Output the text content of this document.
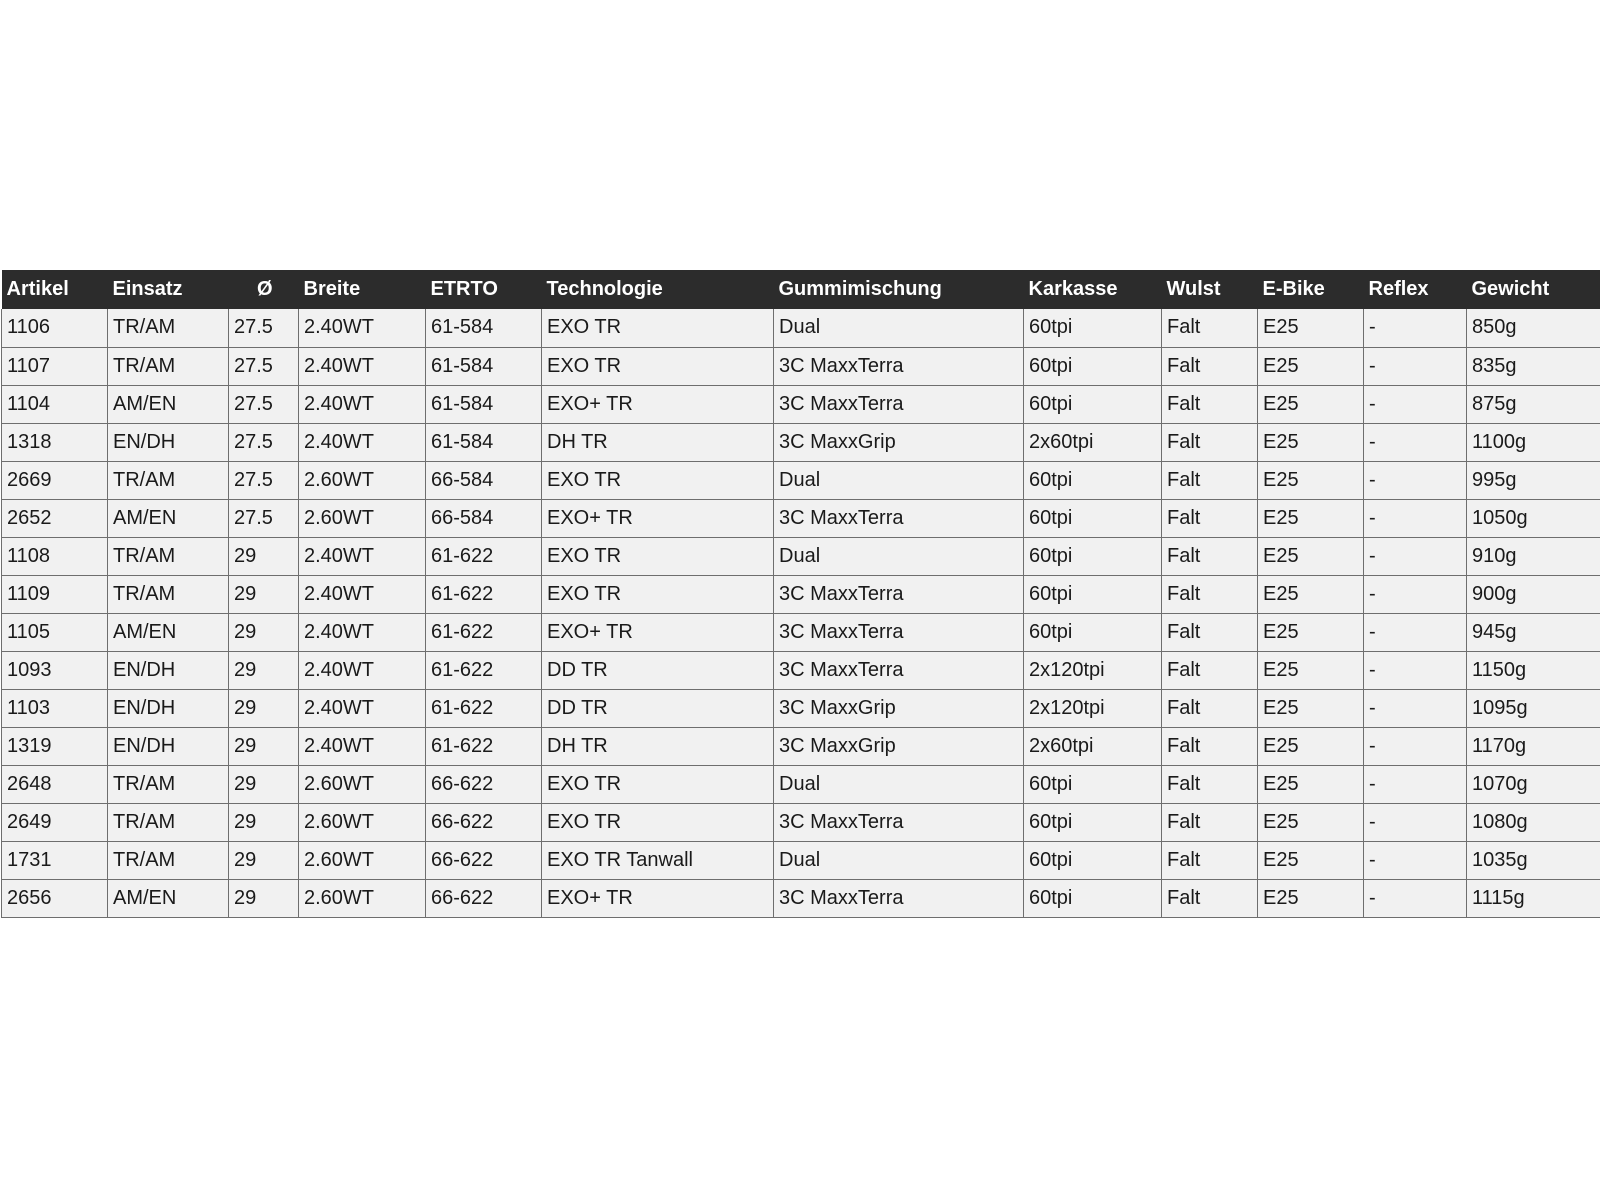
Artikel	Einsatz	Ø	Breite	ETRTO	Technologie	Gummimischung	Karkasse	Wulst	E-Bike	Reflex	Gewicht
1106	TR/AM	27.5	2.40WT	61-584	EXO TR	Dual	60tpi	Falt	E25	-	850g
1107	TR/AM	27.5	2.40WT	61-584	EXO TR	3C MaxxTerra	60tpi	Falt	E25	-	835g
1104	AM/EN	27.5	2.40WT	61-584	EXO+ TR	3C MaxxTerra	60tpi	Falt	E25	-	875g
1318	EN/DH	27.5	2.40WT	61-584	DH TR	3C MaxxGrip	2x60tpi	Falt	E25	-	1100g
2669	TR/AM	27.5	2.60WT	66-584	EXO TR	Dual	60tpi	Falt	E25	-	995g
2652	AM/EN	27.5	2.60WT	66-584	EXO+ TR	3C MaxxTerra	60tpi	Falt	E25	-	1050g
1108	TR/AM	29	2.40WT	61-622	EXO TR	Dual	60tpi	Falt	E25	-	910g
1109	TR/AM	29	2.40WT	61-622	EXO TR	3C MaxxTerra	60tpi	Falt	E25	-	900g
1105	AM/EN	29	2.40WT	61-622	EXO+ TR	3C MaxxTerra	60tpi	Falt	E25	-	945g
1093	EN/DH	29	2.40WT	61-622	DD TR	3C MaxxTerra	2x120tpi	Falt	E25	-	1150g
1103	EN/DH	29	2.40WT	61-622	DD TR	3C MaxxGrip	2x120tpi	Falt	E25	-	1095g
1319	EN/DH	29	2.40WT	61-622	DH TR	3C MaxxGrip	2x60tpi	Falt	E25	-	1170g
2648	TR/AM	29	2.60WT	66-622	EXO TR	Dual	60tpi	Falt	E25	-	1070g
2649	TR/AM	29	2.60WT	66-622	EXO TR	3C MaxxTerra	60tpi	Falt	E25	-	1080g
1731	TR/AM	29	2.60WT	66-622	EXO TR Tanwall	Dual	60tpi	Falt	E25	-	1035g
2656	AM/EN	29	2.60WT	66-622	EXO+ TR	3C MaxxTerra	60tpi	Falt	E25	-	1115g
